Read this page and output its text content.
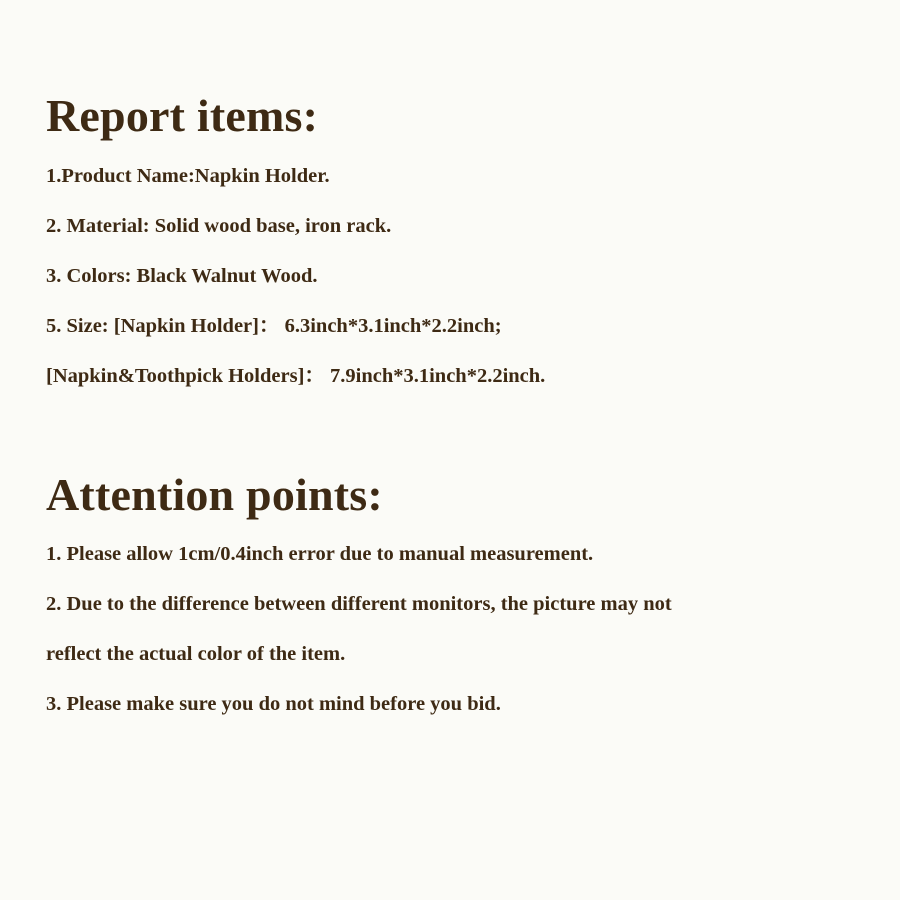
Report items:

1.Product Name:Napkin Holder.

2. Material: Solid wood base, iron rack.

3. Colors: Black Walnut Wood.

5. Size: [Napkin Holder]： 6.3inch*3.1inch*2.2inch;

[Napkin&Toothpick Holders]： 7.9inch*3.1inch*2.2inch.

Attention points:

1. Please allow 1cm/0.4inch error due to manual measurement.

2. Due to the difference between different monitors, the picture may not

reflect the actual color of the item.

3. Please make sure you do not mind before you bid.
